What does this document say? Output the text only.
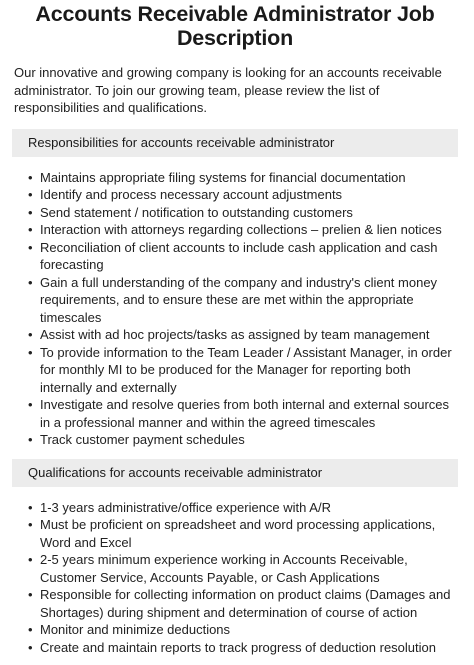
Accounts Receivable Administrator Job Description

Our innovative and growing company is looking for an accounts receivable administrator. To join our growing team, please review the list of responsibilities and qualifications.

Responsibilities for accounts receivable administrator
• Maintains appropriate filing systems for financial documentation
• Identify and process necessary account adjustments
• Send statement / notification to outstanding customers
• Interaction with attorneys regarding collections – prelien & lien notices
• Reconciliation of client accounts to include cash application and cash forecasting
• Gain a full understanding of the company and industry's client money requirements, and to ensure these are met within the appropriate timescales
• Assist with ad hoc projects/tasks as assigned by team management
• To provide information to the Team Leader / Assistant Manager, in order for monthly MI to be produced for the Manager for reporting both internally and externally
• Investigate and resolve queries from both internal and external sources in a professional manner and within the agreed timescales
• Track customer payment schedules
Qualifications for accounts receivable administrator
• 1-3 years administrative/office experience with A/R
• Must be proficient on spreadsheet and word processing applications, Word and Excel
• 2-5 years minimum experience working in Accounts Receivable, Customer Service, Accounts Payable, or Cash Applications
• Responsible for collecting information on product claims (Damages and Shortages) during shipment and determination of course of action
• Monitor and minimize deductions
• Create and maintain reports to track progress of deduction resolution
